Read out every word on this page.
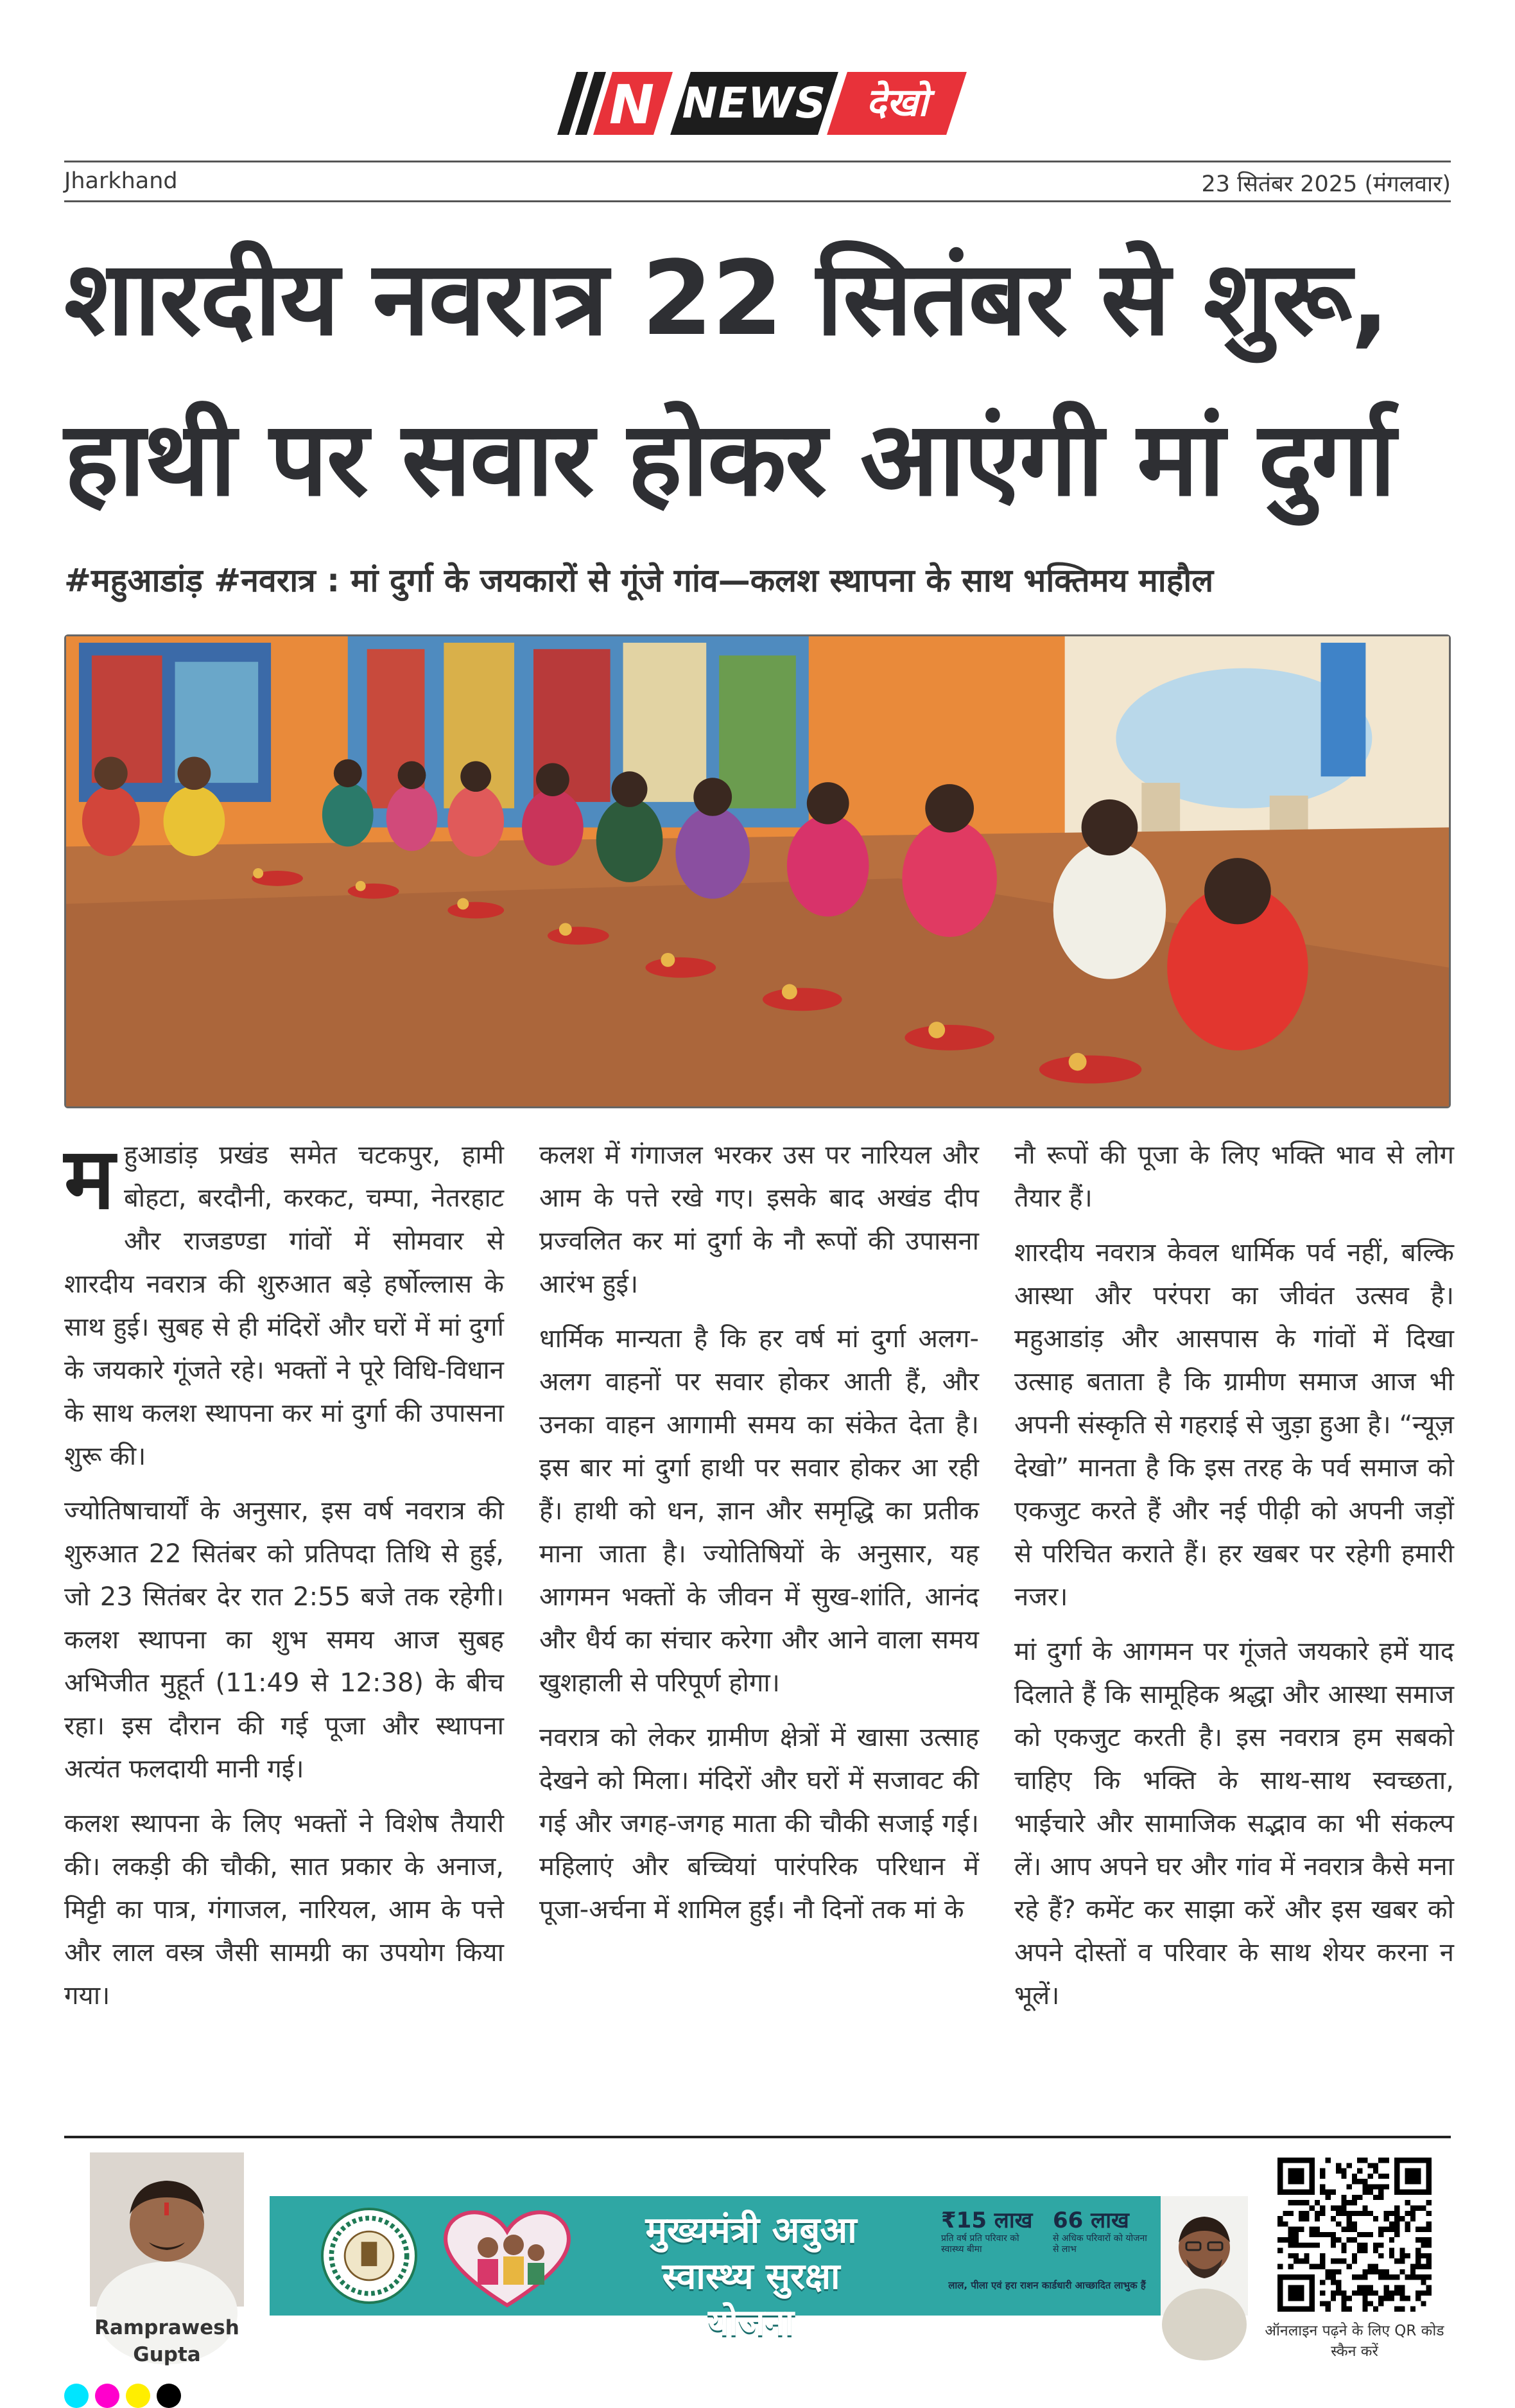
N NEWS	देखो
Jharkhand	23 सितंबर 2025 (मंगलवार)
शारदीय नवरात्र 22 सितंबर से शुरू,
हाथी पर सवार होकर आएंगी मां दुर्गा
#महुआडांड़ #नवरात्र : मां दुर्गा के जयकारों से गूंजे गांव—कलश स्थापना के साथ भक्तिमय माहौल

महुआडांड़ प्रखंड समेत चटकपुर, हामी बोहटा, बरदौनी, करकट, चम्पा, नेतरहाट और राजडण्डा गांवों में सोमवार से शारदीय नवरात्र की शुरुआत बड़े हर्षोल्लास के साथ हुई। सुबह से ही मंदिरों और घरों में मां दुर्गा के जयकारे गूंजते रहे। भक्तों ने पूरे विधि-विधान के साथ कलश स्थापना कर मां दुर्गा की उपासना शुरू की।

ज्योतिषाचार्यों के अनुसार, इस वर्ष नवरात्र की शुरुआत 22 सितंबर को प्रतिपदा तिथि से हुई, जो 23 सितंबर देर रात 2:55 बजे तक रहेगी। कलश स्थापना का शुभ समय आज सुबह अभिजीत मुहूर्त (11:49 से 12:38) के बीच रहा। इस दौरान की गई पूजा और स्थापना अत्यंत फलदायी मानी गई।

कलश स्थापना के लिए भक्तों ने विशेष तैयारी की। लकड़ी की चौकी, सात प्रकार के अनाज, मिट्टी का पात्र, गंगाजल, नारियल, आम के पत्ते और लाल वस्त्र जैसी सामग्री का उपयोग किया गया।

कलश में गंगाजल भरकर उस पर नारियल और आम के पत्ते रखे गए। इसके बाद अखंड दीप प्रज्वलित कर मां दुर्गा के नौ रूपों की उपासना आरंभ हुई।

धार्मिक मान्यता है कि हर वर्ष मां दुर्गा अलग-अलग वाहनों पर सवार होकर आती हैं, और उनका वाहन आगामी समय का संकेत देता है। इस बार मां दुर्गा हाथी पर सवार होकर आ रही हैं। हाथी को धन, ज्ञान और समृद्धि का प्रतीक माना जाता है। ज्योतिषियों के अनुसार, यह आगमन भक्तों के जीवन में सुख-शांति, आनंद और धैर्य का संचार करेगा और आने वाला समय खुशहाली से परिपूर्ण होगा।

नवरात्र को लेकर ग्रामीण क्षेत्रों में खासा उत्साह देखने को मिला। मंदिरों और घरों में सजावट की गई और जगह-जगह माता की चौकी सजाई गई। महिलाएं और बच्चियां पारंपरिक परिधान में पूजा-अर्चना में शामिल हुईं। नौ दिनों तक मां के

नौ रूपों की पूजा के लिए भक्ति भाव से लोग तैयार हैं।

शारदीय नवरात्र केवल धार्मिक पर्व नहीं, बल्कि आस्था और परंपरा का जीवंत उत्सव है। महुआडांड़ और आसपास के गांवों में दिखा उत्साह बताता है कि ग्रामीण समाज आज भी अपनी संस्कृति से गहराई से जुड़ा हुआ है। “न्यूज़ देखो” मानता है कि इस तरह के पर्व समाज को एकजुट करते हैं और नई पीढ़ी को अपनी जड़ों से परिचित कराते हैं। हर खबर पर रहेगी हमारी नजर।

मां दुर्गा के आगमन पर गूंजते जयकारे हमें याद दिलाते हैं कि सामूहिक श्रद्धा और आस्था समाज को एकजुट करती है। इस नवरात्र हम सबको चाहिए कि भक्ति के साथ-साथ स्वच्छता, भाईचारे और सामाजिक सद्भाव का भी संकल्प लें। आप अपने घर और गांव में नवरात्र कैसे मना रहे हैं? कमेंट कर साझा करें और इस खबर को अपने दोस्तों व परिवार के साथ शेयर करना न भूलें।

Ramprawesh
Gupta
मुख्यमंत्री अबुआ
स्वास्थ्य सुरक्षा योजना
₹15 लाख
प्रति वर्ष प्रति परिवार को स्वास्थ्य बीमा
66 लाख
से अधिक परिवारों को योजना से लाभ
लाल, पीला एवं हरा राशन कार्डधारी आच्छादित लाभुक हैं
ऑनलाइन पढ़ने के लिए QR कोड स्कैन करें
